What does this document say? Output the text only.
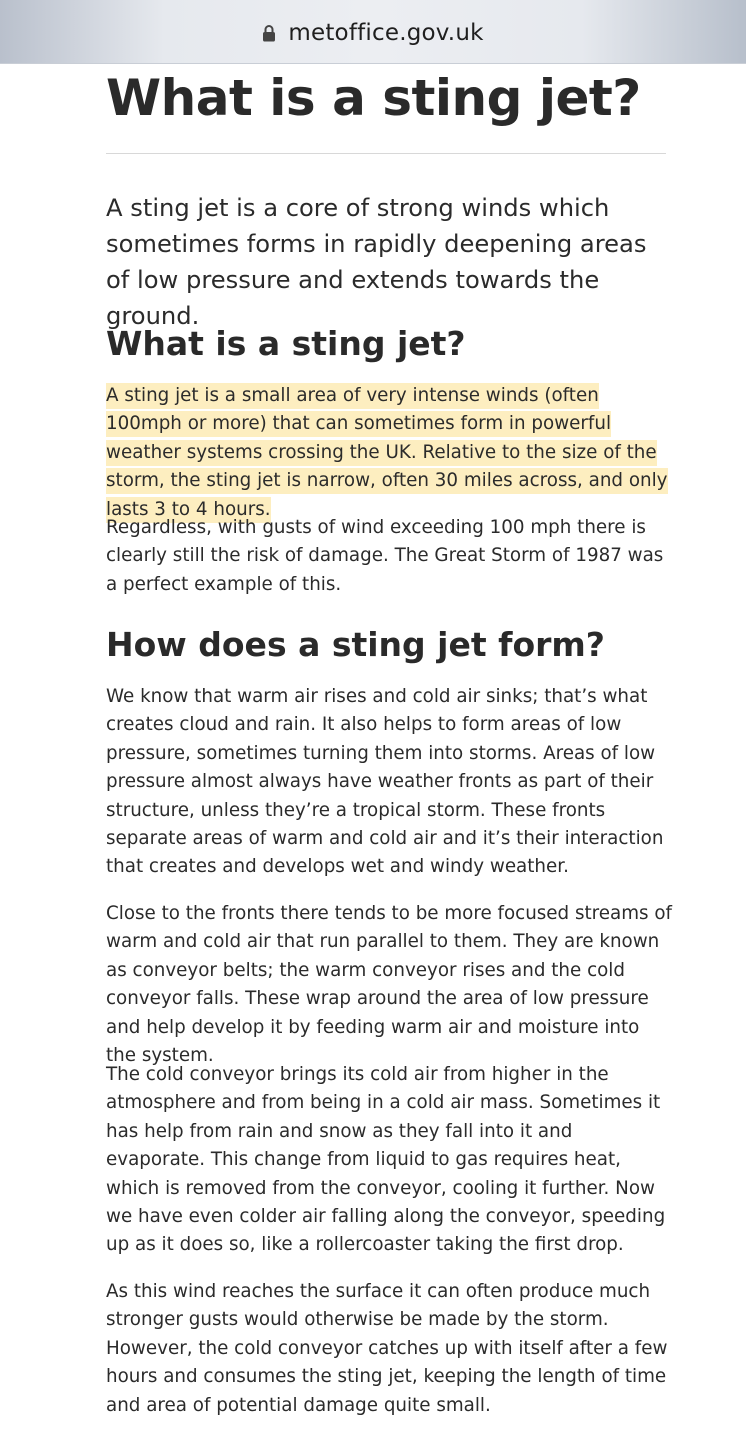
metoffice.gov.uk
What is a sting jet?

A sting jet is a core of strong winds which sometimes forms in rapidly deepening areas of low pressure and extends towards the ground.

What is a sting jet?

A sting jet is a small area of very intense winds (often 100mph or more) that can sometimes form in powerful weather systems crossing the UK. Relative to the size of the storm, the sting jet is narrow, often 30 miles across, and only lasts 3 to 4 hours.

Regardless, with gusts of wind exceeding 100 mph there is clearly still the risk of damage. The Great Storm of 1987 was a perfect example of this.

How does a sting jet form?

We know that warm air rises and cold air sinks; that’s what creates cloud and rain. It also helps to form areas of low pressure, sometimes turning them into storms. Areas of low pressure almost always have weather fronts as part of their structure, unless they’re a tropical storm. These fronts separate areas of warm and cold air and it’s their interaction that creates and develops wet and windy weather.

Close to the fronts there tends to be more focused streams of warm and cold air that run parallel to them. They are known as conveyor belts; the warm conveyor rises and the cold conveyor falls. These wrap around the area of low pressure and help develop it by feeding warm air and moisture into the system.

The cold conveyor brings its cold air from higher in the atmosphere and from being in a cold air mass. Sometimes it has help from rain and snow as they fall into it and evaporate. This change from liquid to gas requires heat, which is removed from the conveyor, cooling it further. Now we have even colder air falling along the conveyor, speeding up as it does so, like a rollercoaster taking the first drop.

As this wind reaches the surface it can often produce much stronger gusts would otherwise be made by the storm. However, the cold conveyor catches up with itself after a few hours and consumes the sting jet, keeping the length of time and area of potential damage quite small.
